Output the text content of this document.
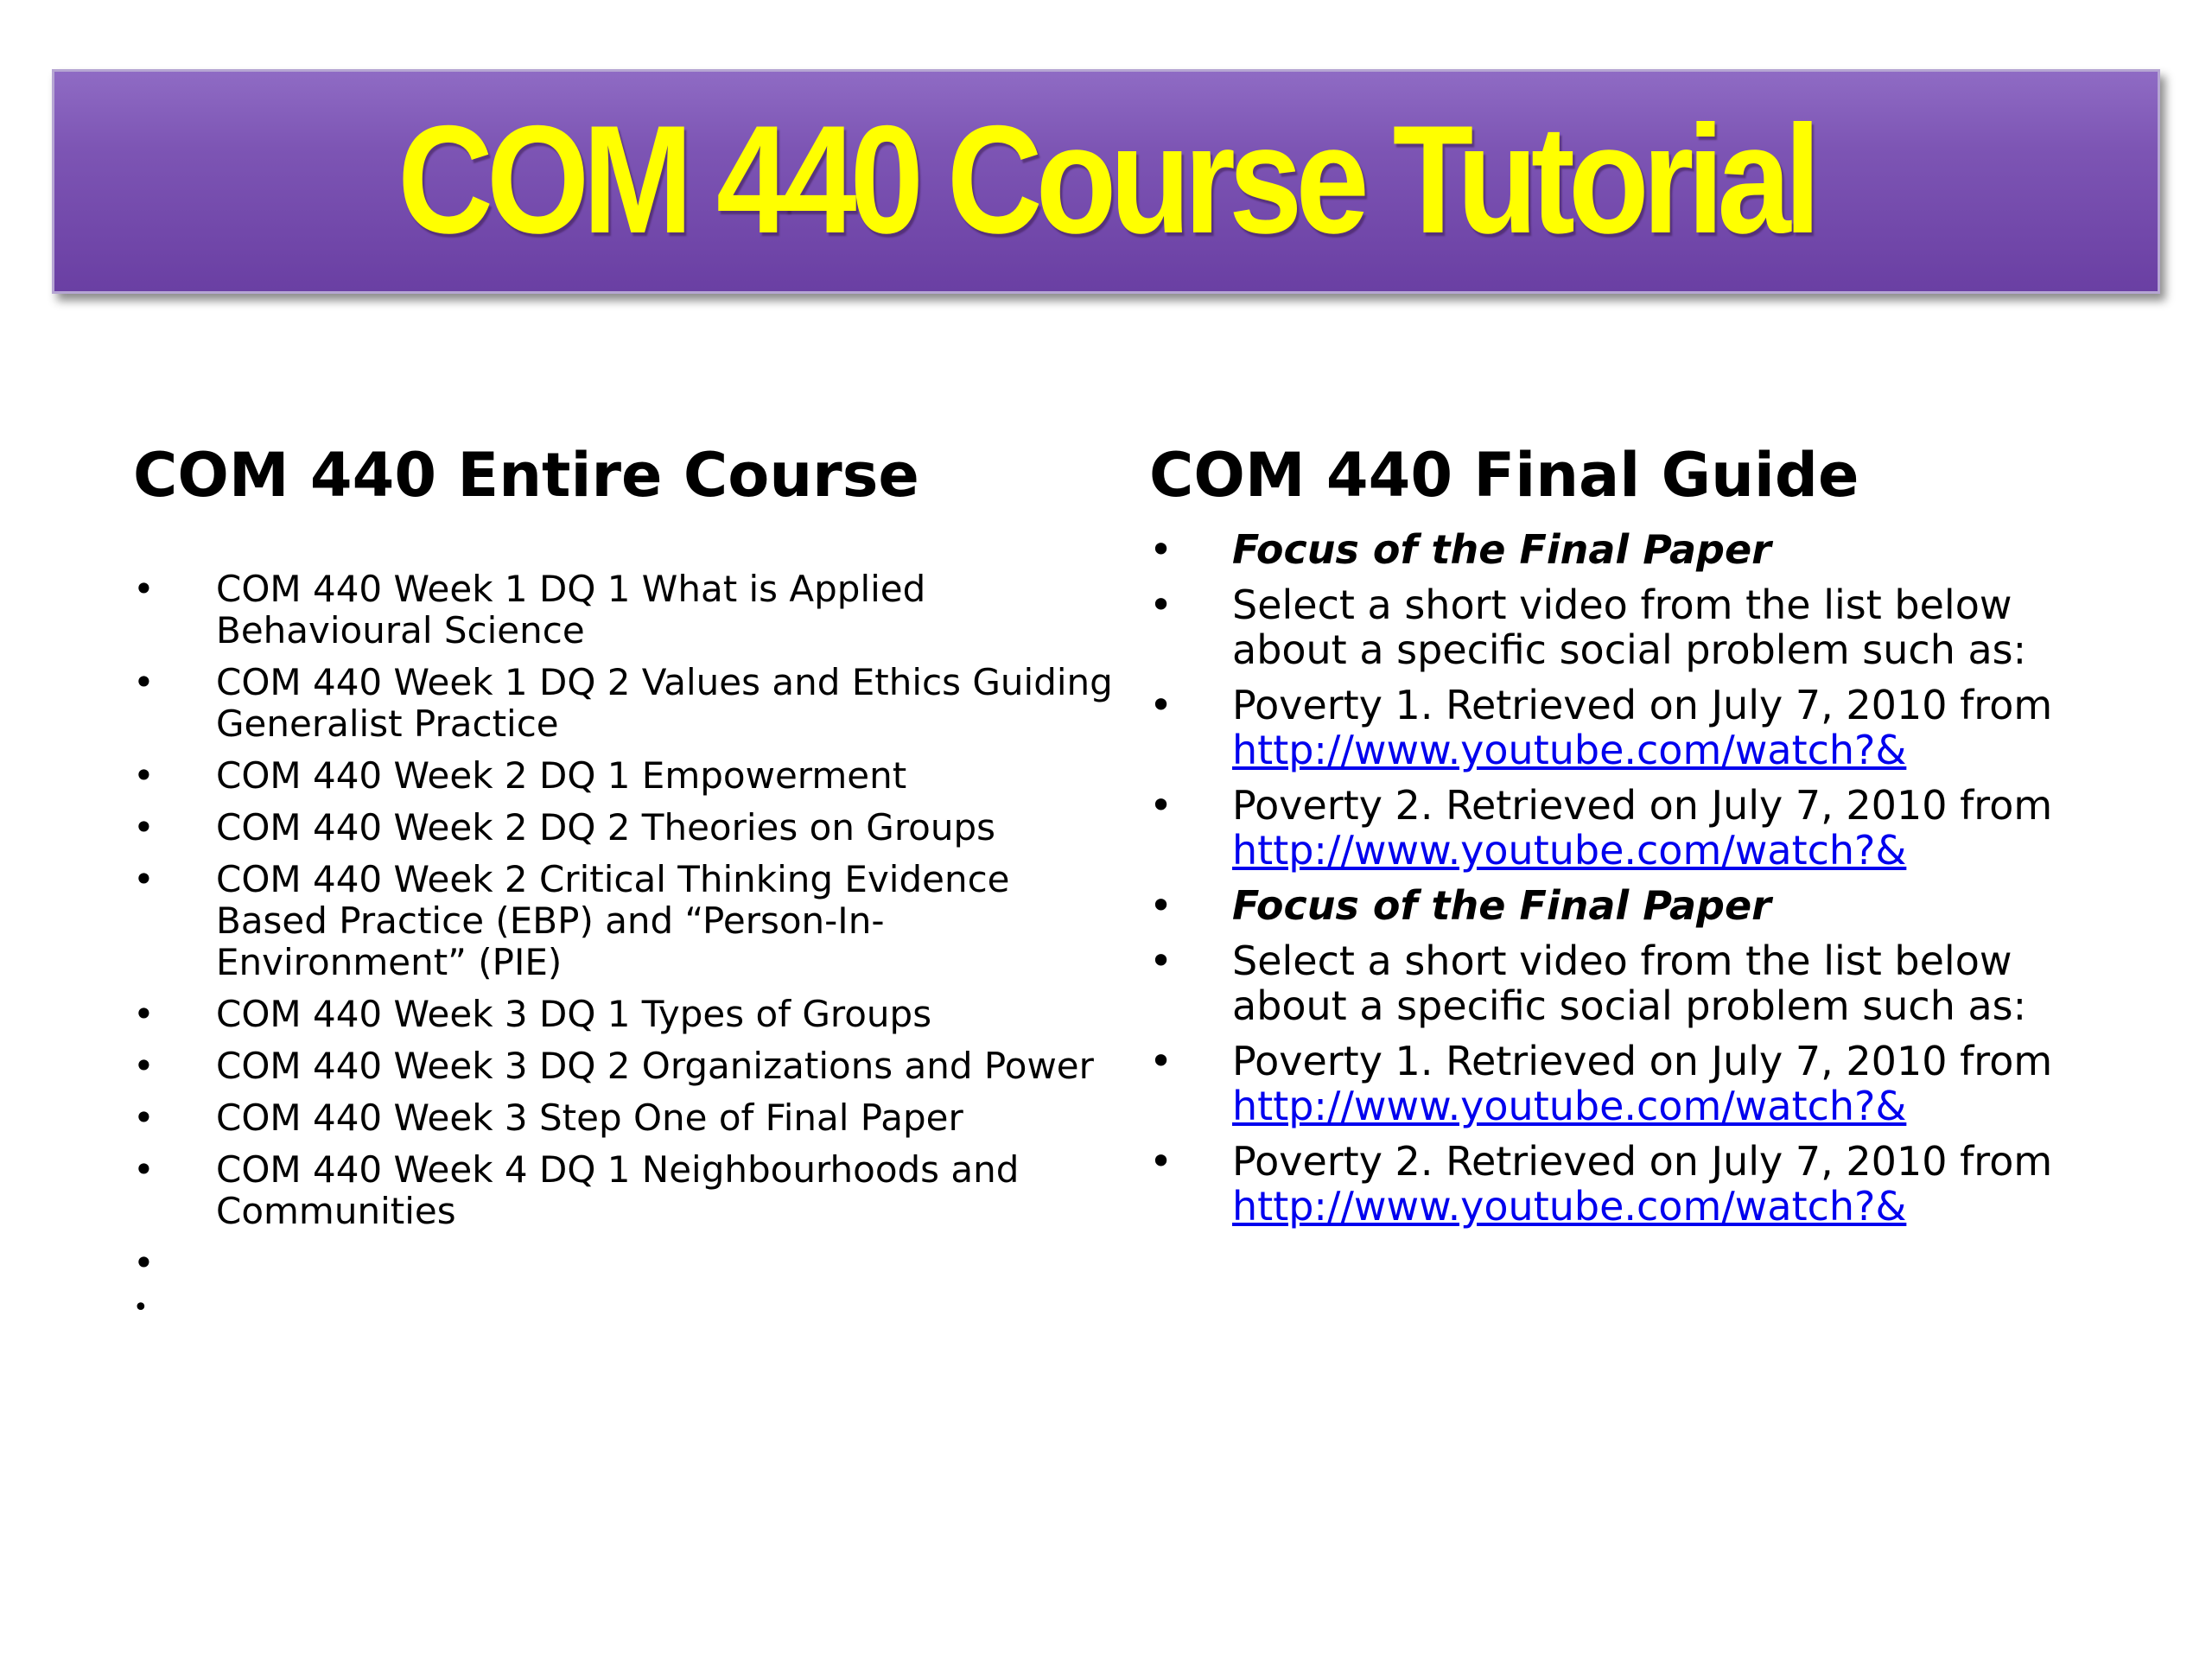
COM 440 Course Tutorial
COM 440 Entire Course
• COM 440 Week 1 DQ 1 What is Applied Behavioural Science
• COM 440 Week 1 DQ 2 Values and Ethics Guiding Generalist Practice
• COM 440 Week 2 DQ 1 Empowerment
• COM 440 Week 2 DQ 2 Theories on Groups
• COM 440 Week 2 Critical Thinking Evidence Based Practice (EBP) and “Person-In-Environment” (PIE)
• COM 440 Week 3 DQ 1 Types of Groups
• COM 440 Week 3 DQ 2 Organizations and Power
• COM 440 Week 3 Step One of Final Paper
• COM 440 Week 4 DQ 1 Neighbourhoods and Communities
•
•
COM 440 Final Guide
• Focus of the Final Paper
• Select a short video from the list below about a specific social problem such as:
• Poverty 1. Retrieved on July 7, 2010 from
http://www.youtube.com/watch?&
• Poverty 2. Retrieved on July 7, 2010 from
http://www.youtube.com/watch?&
• Focus of the Final Paper
• Select a short video from the list below about a specific social problem such as:
• Poverty 1. Retrieved on July 7, 2010 from
http://www.youtube.com/watch?&
• Poverty 2. Retrieved on July 7, 2010 from
http://www.youtube.com/watch?&
